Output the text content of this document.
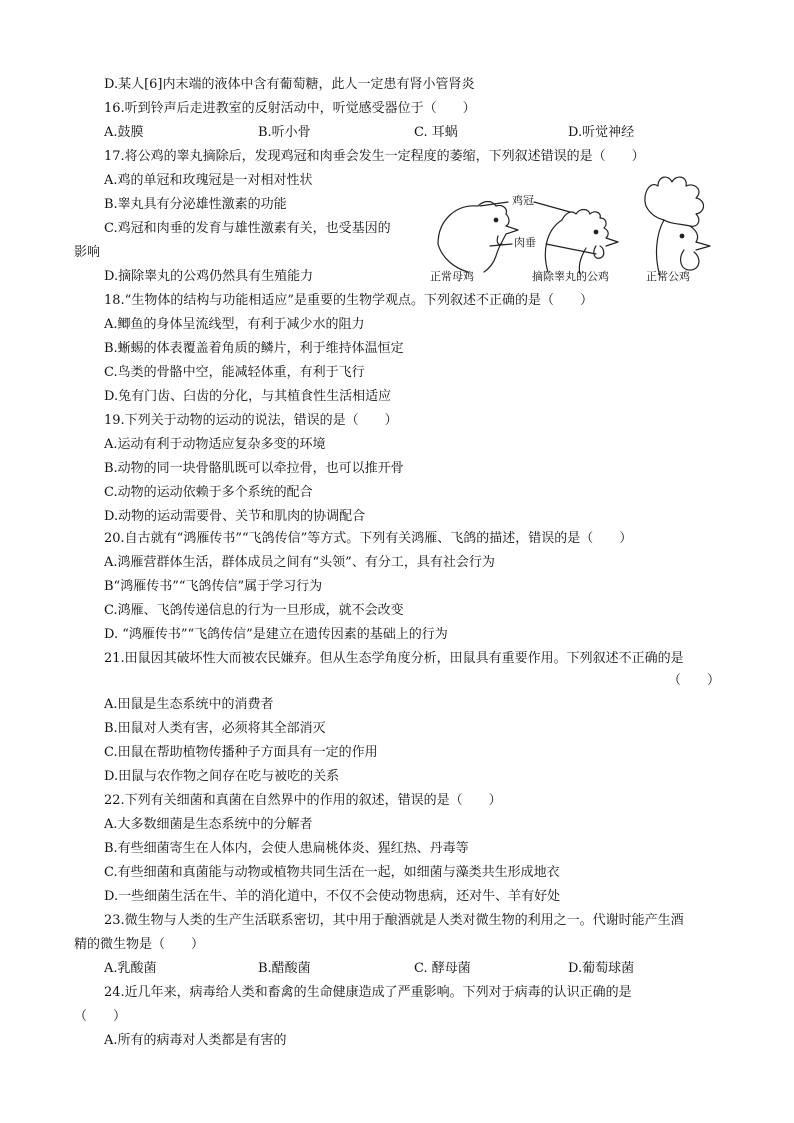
D.某人[6]内末端的液体中含有葡萄糖，此人一定患有肾小管肾炎
16.听到铃声后走进教室的反射活动中，听觉感受器位于（　　）
A.鼓膜	B.听小骨	C. 耳蜗	D.听觉神经
17.将公鸡的睾丸摘除后，发现鸡冠和肉垂会发生一定程度的萎缩，下列叙述错误的是（　　）
A.鸡的单冠和玫瑰冠是一对相对性状
B.睾丸具有分泌雄性激素的功能
C.鸡冠和肉垂的发育与雄性激素有关，也受基因的
影响
D.摘除睾丸的公鸡仍然具有生殖能力
鸡冠
肉垂
正常母鸡	摘除睾丸的公鸡	正常公鸡
18.“生物体的结构与功能相适应”是重要的生物学观点。下列叙述不正确的是（　　）
A.鲫鱼的身体呈流线型，有利于减少水的阻力
B.蜥蜴的体表覆盖着角质的鳞片，利于维持体温恒定
C.鸟类的骨骼中空，能减轻体重，有利于飞行
D.兔有门齿、臼齿的分化，与其植食性生活相适应
19.下列关于动物的运动的说法，错误的是（　　）
A.运动有利于动物适应复杂多变的环境
B.动物的同一块骨骼肌既可以牵拉骨，也可以推开骨
C.动物的运动依赖于多个系统的配合
D.动物的运动需要骨、关节和肌肉的协调配合
20.自古就有“鸿雁传书”“飞鸽传信”等方式。下列有关鸿雁、飞鸽的描述，错误的是（　　）
A.鸿雁营群体生活，群体成员之间有“头领”、有分工，具有社会行为
B“鸿雁传书”“飞鸽传信”属于学习行为
C.鸿雁、飞鸽传递信息的行为一旦形成，就不会改变
D. “鸿雁传书”“飞鸽传信”是建立在遗传因素的基础上的行为
21.田鼠因其破坏性大而被农民嫌弃。但从生态学角度分析，田鼠具有重要作用。下列叙述不正确的是
（　　）
A.田鼠是生态系统中的消费者
B.田鼠对人类有害，必须将其全部消灭
C.田鼠在帮助植物传播种子方面具有一定的作用
D.田鼠与农作物之间存在吃与被吃的关系
22.下列有关细菌和真菌在自然界中的作用的叙述，错误的是（　　）
A.大多数细菌是生态系统中的分解者
B.有些细菌寄生在人体内，会使人患扁桃体炎、猩红热、丹毒等
C.有些细菌和真菌能与动物或植物共同生活在一起，如细菌与藻类共生形成地衣
D.一些细菌生活在牛、羊的消化道中，不仅不会使动物患病，还对牛、羊有好处
23.微生物与人类的生产生活联系密切，其中用于酿酒就是人类对微生物的利用之一。代谢时能产生酒
精的微生物是（　　）
A.乳酸菌	B.醋酸菌	C. 酵母菌	D.葡萄球菌
24.近几年来，病毒给人类和畜禽的生命健康造成了严重影响。下列对于病毒的认识正确的是
（　　）
A.所有的病毒对人类都是有害的
